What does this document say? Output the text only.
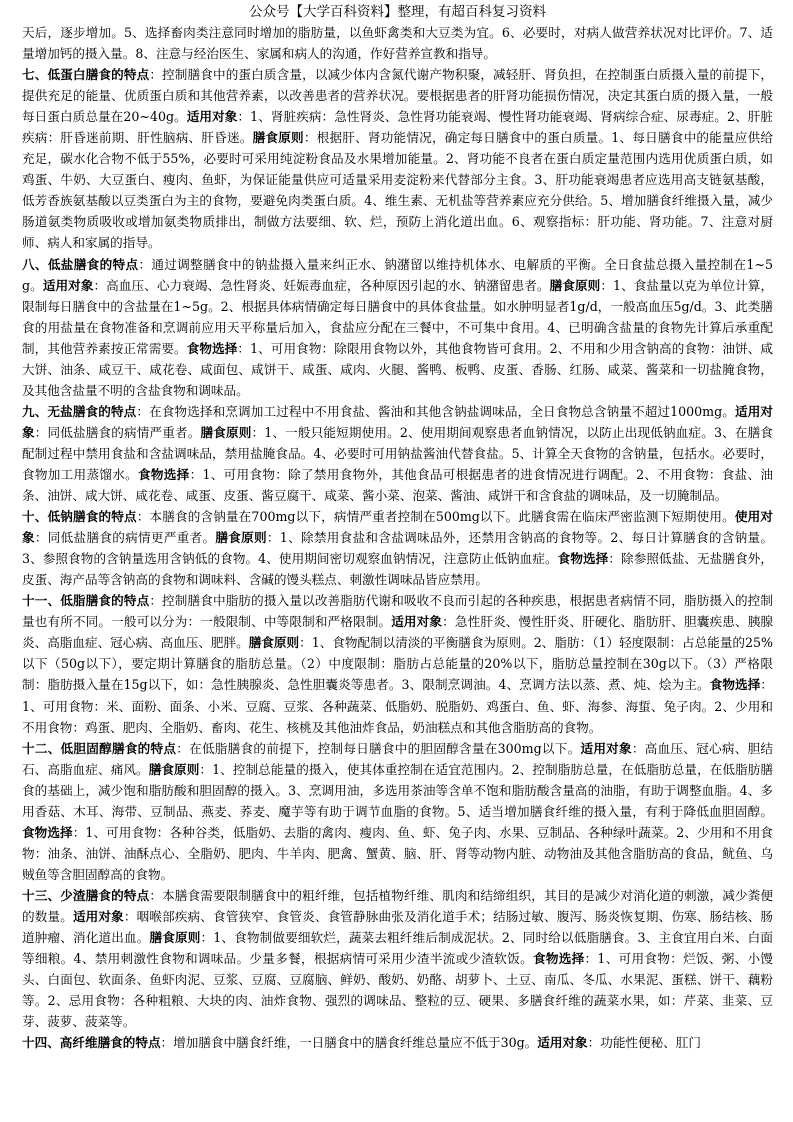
公众号【大学百科资料】整理，有超百科复习资料

天后，逐步增加。5、选择畜肉类注意同时增加的脂肪量，以鱼虾禽类和大豆类为宜。6、必要时，对病人做营养状况对比评价。7、适量增加钙的摄入量。8、注意与经治医生、家属和病人的沟通，作好营养宣教和指导。

七、低蛋白膳食的特点：控制膳食中的蛋白质含量，以减少体内含氮代谢产物积聚，减轻肝、肾负担，在控制蛋白质摄入量的前提下，提供充足的能量、优质蛋白质和其他营养素，以改善患者的营养状况。要根据患者的肝肾功能损伤情况，决定其蛋白质的摄入量，一般每日蛋白质总量在20~40g。适用对象：1、肾脏疾病：急性肾炎、急性肾功能衰竭、慢性肾功能衰竭、肾病综合症、尿毒症。2、肝脏疾病：肝昏迷前期、肝性脑病、肝昏迷。膳食原则：根据肝、肾功能情况，确定每日膳食中的蛋白质量。1、每日膳食中的能量应供给充足，碳水化合物不低于55%，必要时可采用纯淀粉食品及水果增加能量。2、肾功能不良者在蛋白质定量范围内选用优质蛋白质，如鸡蛋、牛奶、大豆蛋白、瘦肉、鱼虾，为保证能量供应可适量采用麦淀粉来代替部分主食。3、肝功能衰竭患者应选用高支链氨基酸，低芳香族氨基酸以豆类蛋白为主的食物，要避免肉类蛋白质。4、维生素、无机盐等营养素应充分供给。5、增加膳食纤维摄入量，减少肠道氨类物质吸收或增加氨类物质排出，制做方法要细、软、烂，预防上消化道出血。6、观察指标：肝功能、肾功能。7、注意对厨师、病人和家属的指导。

八、低盐膳食的特点：通过调整膳食中的钠盐摄入量来纠正水、钠潴留以维持机体水、电解质的平衡。全日食盐总摄入量控制在1~5g。适用对象：高血压、心力衰竭、急性肾炎、妊娠毒血症，各种原因引起的水、钠潴留患者。膳食原则：1、食盐量以克为单位计算，限制每日膳食中的含盐量在1~5g。2、根据具体病情确定每日膳食中的具体食盐量。如水肿明显者1g/d，一般高血压5g/d。3、此类膳食的用盐量在食物准备和烹调前应用天平称量后加入，食盐应分配在三餐中，不可集中食用。4、已明确含盐量的食物先计算后承重配制，其他营养素按正常需要。食物选择：1、可用食物：除限用食物以外，其他食物皆可食用。2、不用和少用含钠高的食物：油饼、咸大饼、油条、咸豆干、咸花卷、咸面包、咸饼干、咸蛋、咸肉、火腿、酱鸭、板鸭、皮蛋、香肠、红肠、咸菜、酱菜和一切盐腌食物，及其他含盐量不明的含盐食物和调味品。

九、无盐膳食的特点：在食物选择和烹调加工过程中不用食盐、酱油和其他含钠盐调味品，全日食物总含钠量不超过1000mg。适用对象：同低盐膳食的病情严重者。膳食原则：1、一般只能短期使用。2、使用期间观察患者血钠情况，以防止出现低钠血症。3、在膳食配制过程中禁用食盐和含盐调味品，禁用盐腌食品。4、必要时可用钠盐酱油代替食盐。5、计算全天食物的含钠量，包括水。必要时，食物加工用蒸馏水。食物选择：1、可用食物：除了禁用食物外，其他食品可根据患者的进食情况进行调配。2、不用食物：食盐、油条、油饼、咸大饼、咸花卷、咸蛋、皮蛋、酱豆腐干、咸菜、酱小菜、泡菜、酱油、咸饼干和含食盐的调味品，及一切腌制品。

十、低钠膳食的特点：本膳食的含钠量在700mg以下，病情严重者控制在500mg以下。此膳食需在临床严密监测下短期使用。使用对象：同低盐膳食的病情更严重者。膳食原则：1、除禁用食盐和含盐调味品外，还禁用含钠高的食物等。2、每日计算膳食的含钠量。3、参照食物的含钠量选用含钠低的食物。4、使用期间密切观察血钠情况，注意防止低钠血症。食物选择：除参照低盐、无盐膳食外，皮蛋、海产品等含钠高的食物和调味料、含碱的馒头糕点、刺激性调味品皆应禁用。

十一、低脂膳食的特点：控制膳食中脂肪的摄入量以改善脂肪代谢和吸收不良而引起的各种疾患，根据患者病情不同，脂肪摄入的控制量也有所不同。一般可以分为：一般限制、中等限制和严格限制。适用对象：急性肝炎、慢性肝炎、肝硬化、脂肪肝、胆囊疾患、胰腺炎、高脂血症、冠心病、高血压、肥胖。膳食原则：1、食物配制以清淡的平衡膳食为原则。2、脂肪：（1）轻度限制：占总能量的25%以下（50g以下），要定期计算膳食的脂肪总量。（2）中度限制：脂肪占总能量的20%以下，脂肪总量控制在30g以下。（3）严格限制：脂肪摄入量在15g以下，如：急性胰腺炎、急性胆囊炎等患者。3、限制烹调油。4、烹调方法以蒸、煮、炖、烩为主。食物选择：1、可用食物：米、面粉、面条、小米、豆腐、豆浆、各种蔬菜、低脂奶、脱脂奶、鸡蛋白、鱼、虾、海参、海蜇、兔子肉。2、少用和不用食物：鸡蛋、肥肉、全脂奶、畜肉、花生、核桃及其他油炸食品，奶油糕点和其他含脂肪高的食物。

十二、低胆固醇膳食的特点：在低脂膳食的前提下，控制每日膳食中的胆固醇含量在300mg以下。适用对象：高血压、冠心病、胆结石、高脂血症、痛风。膳食原则：1、控制总能量的摄入，使其体重控制在适宜范围内。2、控制脂肪总量，在低脂肪总量，在低脂肪膳食的基础上，减少饱和脂肪酸和胆固醇的摄入。3、烹调用油，多选用茶油等含单不饱和脂肪酸含量高的油脂，有助于调整血脂。4、多用香菇、木耳、海带、豆制品、燕麦、荞麦、魔芋等有助于调节血脂的食物。5、适当增加膳食纤维的摄入量，有利于降低血胆固醇。食物选择：1、可用食物：各种谷类，低脂奶、去脂的禽肉、瘦肉、鱼、虾、兔子肉、水果、豆制品、各种绿叶蔬菜。2、少用和不用食物：油条、油饼、油酥点心、全脂奶、肥肉、牛羊肉、肥禽、蟹黄、脑、肝、肾等动物内脏、动物油及其他含脂肪高的食品，鱿鱼、乌贼鱼等含胆固醇高的食物。

十三、少渣膳食的特点：本膳食需要限制膳食中的粗纤维，包括植物纤维、肌肉和结缔组织，其目的是减少对消化道的刺激，减少粪便的数量。适用对象：咽喉部疾病、食管狭窄、食管炎、食管静脉曲张及消化道手术；结肠过敏、腹泻、肠炎恢复期、伤寒、肠结核、肠道肿瘤、消化道出血。膳食原则：1、食物制做要细软烂，蔬菜去粗纤维后制成泥状。2、同时给以低脂膳食。3、主食宜用白米、白面等细粮。4、禁用刺激性食物和调味品。少量多餐，根据病情可采用少渣半流或少渣软饭。食物选择：1、可用食物：烂饭、粥、小馒头、白面包、软面条、鱼虾肉泥、豆浆、豆腐、豆腐脑、鲜奶、酸奶、奶酪、胡萝卜、土豆、南瓜、冬瓜、水果泥、蛋糕、饼干、藕粉等。2、忌用食物：各种粗粮、大块的肉、油炸食物、强烈的调味品、整粒的豆、硬果、多膳食纤维的蔬菜水果，如：芹菜、韭菜、豆芽、菠萝、菠菜等。

十四、高纤维膳食的特点：增加膳食中膳食纤维，一日膳食中的膳食纤维总量应不低于30g。适用对象：功能性便秘、肛门
